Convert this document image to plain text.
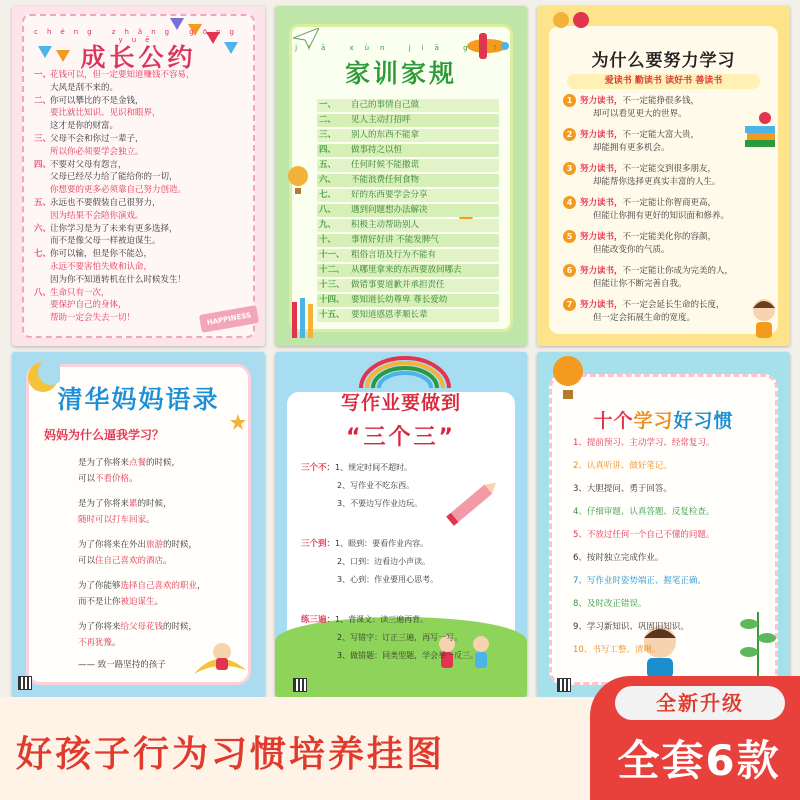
chéng zhǎng gōng yuē
成长公约
一、花钱可以，但一定要知道赚钱不容易，
大风是刮不来的。
二、你可以攀比的不是金钱，
要比就比知识、见识和眼界，
这才是你的财富。
三、父母不会和你过一辈子，
所以你必须要学会独立。
四、不要对父母有怨言，
父母已经尽力给了能给你的一切，
你想要的更多必须靠自己努力创造。
五、永远也不要假装自己很努力，
因为结果不会陪你演戏。
六、让你学习是为了未来有更多选择，
而不是像父母一样被迫谋生。
七、你可以输，但是你不能怂，
永远不要害怕失败和认命，
因为你不知道转机在什么时候发生！
八、生命只有一次，
要保护自己的身体，
帮助一定会失去一切！	HAPPINESS
jiā xùn jiā guī
家训家规
一、 自己的事情自己做
二、 见人主动打招呼
三、 别人的东西不能拿
四、 做事持之以恒
五、 任何时候不能撒谎
六、 不能浪费任何食物
七、 好的东西要学会分享
八、 遇到问题想办法解决
九、 积极主动帮助别人
十、 事情好好讲 不能发脾气
十一、 粗俗言语及行为不能有
十二、 从哪里拿来的东西要放回哪去
十三、 做错事要道歉并承担责任
十四、 要知道长幼尊卑 尊长爱幼
十五、 要知道感恩孝顺长辈
为什么要努力学习
爱读书 勤读书 读好书 善读书
1 努力读书，不一定能挣很多钱，
却可以看见更大的世界。
2 努力读书，不一定能大富大贵，
却能拥有更多机会。
3 努力读书，不一定能交到很多朋友，
却能帮你选择更真实丰富的人生。
4 努力读书，不一定能让你智商更高，
但能让你拥有更好的知识面和修养。
5 努力读书，不一定能美化你的容颜，
但能改变你的气质。
6 努力读书，不一定能让你成为完美的人，
但能让你不断完善自我。
7 努力读书，不一定会延长生命的长度，
但一定会拓展生命的宽度。
清华妈妈语录
妈妈为什么逼我学习？
是为了你将来点餐的时候，
可以不看价格。
是为了你将来累的时候，
随时可以打车回家。
为了你将来在外出旅游的时候，
可以住自己喜欢的酒店。
为了你能够选择自己喜欢的职业，
而不是让你被迫谋生。
为了你将来给父母花钱的时候，
不再犹豫。
—— 致一路坚持的孩子
写作业要做到
“三个三”
三个不：1、规定时间不超时。
2、写作业不吃东西。
3、不要边写作业边玩。
三个到：1、眼到：要看作业内容。
2、口到：边看边小声读。
3、心到：作业要用心思考。
练三遍：1、背课文：读三遍再背。
2、写错字：订正三遍，再写一写。
3、做错题：同类型题，学会举一反三。
十个学习好习惯
1、提前预习、主动学习、经常复习。
2、认真听讲、做好笔记。
3、大胆提问、勇于回答。
4、仔细审题、认真答题、反复检查。
5、不放过任何一个自己不懂的问题。
6、按时独立完成作业。
7、写作业时姿势端正、握笔正确。
8、及时改正错误。
9、学习新知识、巩固旧知识。
10、书写工整、清晰。
好孩子行为习惯培养挂图
全新升级
全套6款
